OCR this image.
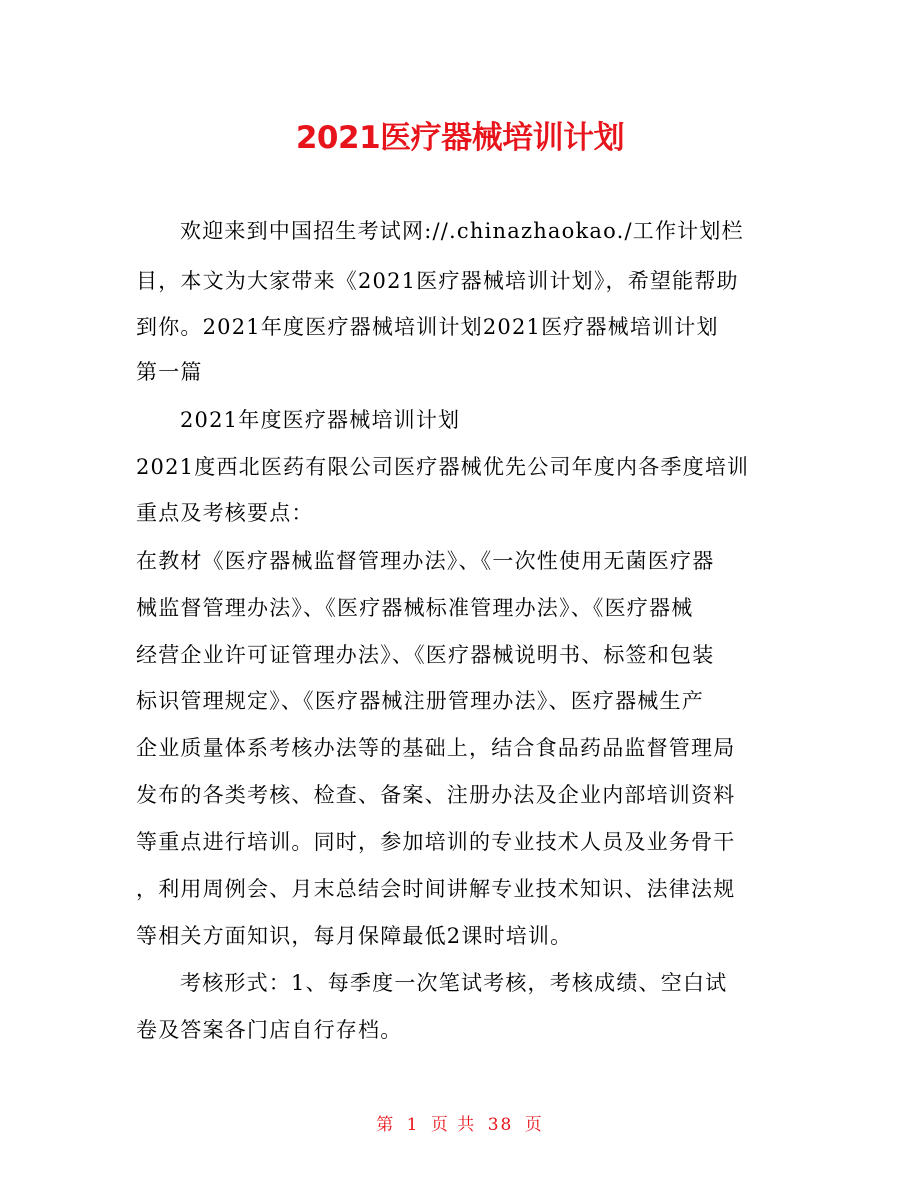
2021医疗器械培训计划
欢迎来到中国招生考试网://.chinazhaokao./工作计划栏
目，本文为大家带来《2021医疗器械培训计划》，希望能帮助
到你。2021年度医疗器械培训计划2021医疗器械培训计划
第一篇
2021年度医疗器械培训计划
2021度西北医药有限公司医疗器械优先公司年度内各季度培训
重点及考核要点：
在教材《医疗器械监督管理办法》、《一次性使用无菌医疗器
械监督管理办法》、《医疗器械标准管理办法》、《医疗器械
经营企业许可证管理办法》、《医疗器械说明书、标签和包装
标识管理规定》、《医疗器械注册管理办法》、医疗器械生产
企业质量体系考核办法等的基础上，结合食品药品监督管理局
发布的各类考核、检查、备案、注册办法及企业内部培训资料
等重点进行培训。同时，参加培训的专业技术人员及业务骨干
，利用周例会、月末总结会时间讲解专业技术知识、法律法规
等相关方面知识，每月保障最低2课时培训。
考核形式：1、每季度一次笔试考核，考核成绩、空白试
卷及答案各门店自行存档。
第 1 页 共 38 页
